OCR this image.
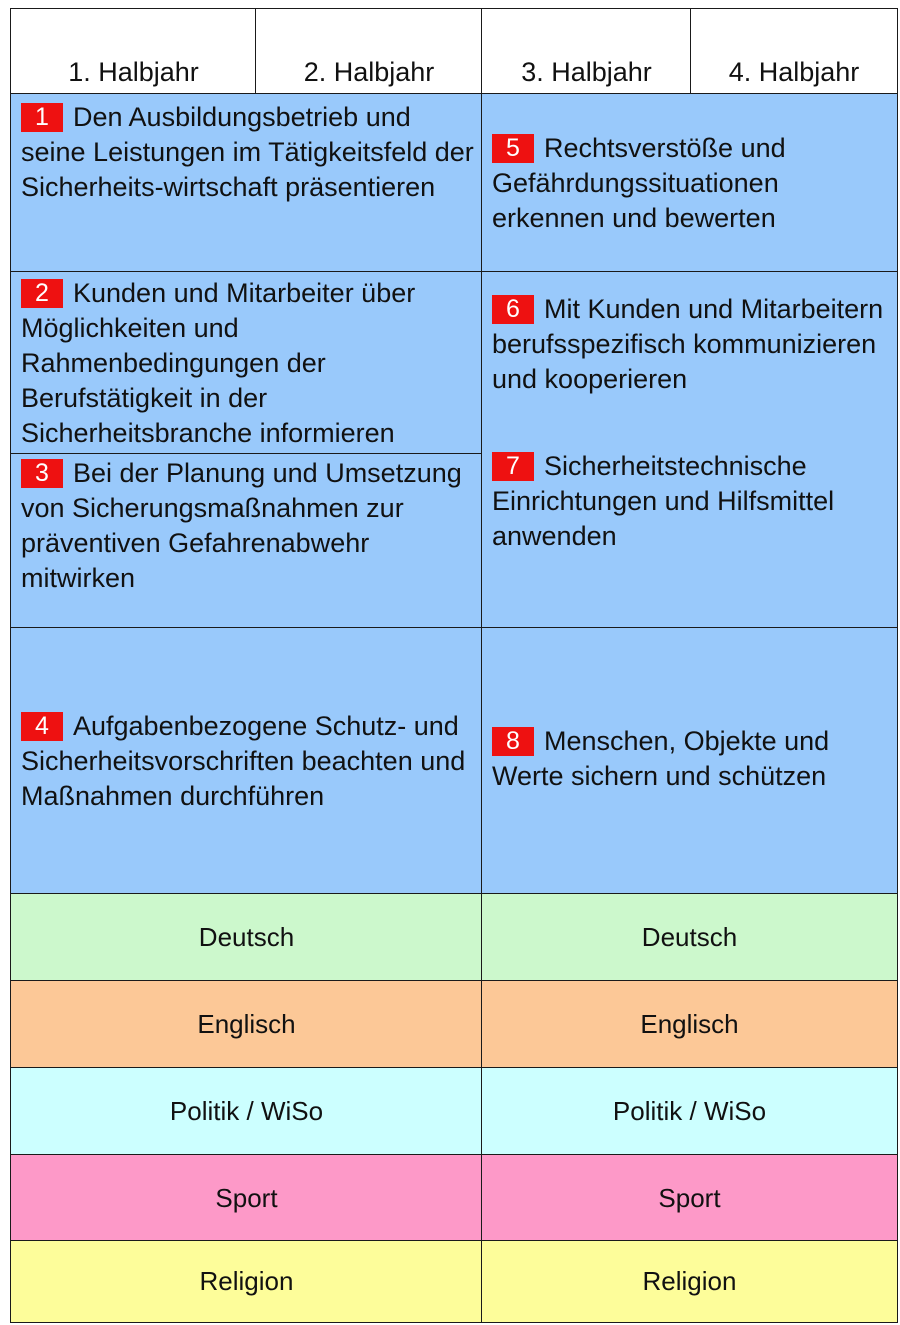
1. Halbjahr	2. Halbjahr	3. Halbjahr	4. Halbjahr
1 Den Ausbildungsbetrieb und seine Leistungen im Tätigkeitsfeld der Sicherheits-wirtschaft präsentieren
2 Kunden und Mitarbeiter über Möglichkeiten und Rahmenbedingungen der Berufstätigkeit in der Sicherheitsbranche informieren
3 Bei der Planung und Umsetzung von Sicherungsmaßnahmen zur präventiven Gefahrenabwehr mitwirken
4 Aufgabenbezogene Schutz- und Sicherheitsvorschriften beachten und Maßnahmen durchführen
5 Rechtsverstöße und Gefährdungssituationen erkennen und bewerten
6 Mit Kunden und Mitarbeitern berufsspezifisch kommunizieren und kooperieren
7 Sicherheitstechnische Einrichtungen und Hilfsmittel anwenden
8 Menschen, Objekte und Werte sichern und schützen
Deutsch	Deutsch
Englisch	Englisch
Politik / WiSo	Politik / WiSo
Sport	Sport
Religion	Religion
